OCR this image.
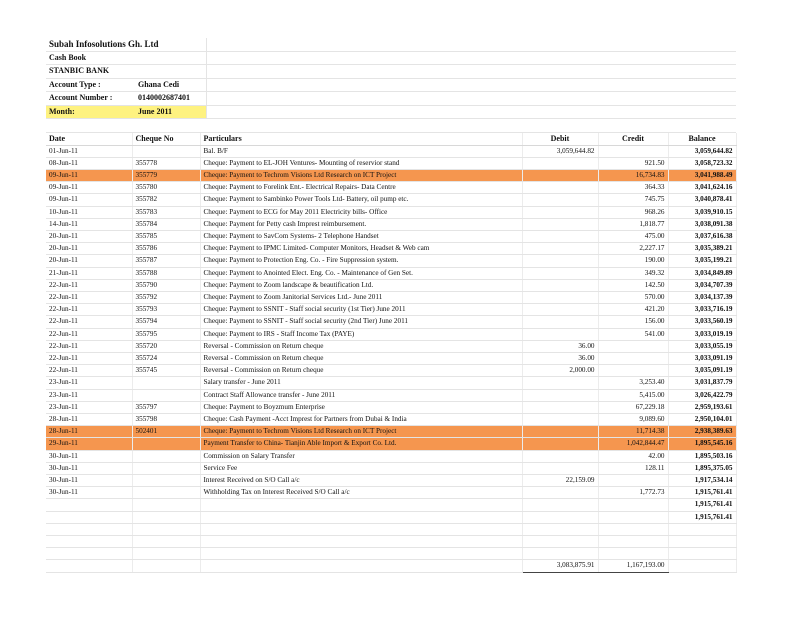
Subah Infosolutions Gh. Ltd
Cash Book
STANBIC BANK
Account Type :	Ghana Cedi
Account Number :	0140002687401
Month:	June 2011
Date	Cheque No	Particulars	Debit	Credit	Balance
01-Jun-11		Bal. B/F	3,059,644.82		3,059,644.82
08-Jun-11	355778	Cheque: Payment to EL-JOH Ventures- Mounting of reservior stand		921.50	3,058,723.32
09-Jun-11	355779	Cheque: Payment to Techrom Visions Ltd Research on ICT Project		16,734.83	3,041,988.49
09-Jun-11	355780	Cheque: Payment to Forelink Ent.- Electrical Repairs- Data Centre		364.33	3,041,624.16
09-Jun-11	355782	Cheque: Payment to Sambinko Power Tools Ltd- Battery, oil pump etc.		745.75	3,040,878.41
10-Jun-11	355783	Cheque: Payment to ECG for May 2011 Electricity bills- Office		968.26	3,039,910.15
14-Jun-11	355784	Cheque: Payment for Petty cash Imprest reimbursement.		1,818.77	3,038,091.38
20-Jun-11	355785	Cheque: Payment to SavCom Systems- 2 Telephone Handset		475.00	3,037,616.38
20-Jun-11	355786	Cheque: Payment to IPMC Limited- Computer Monitors, Headset & Web cam		2,227.17	3,035,389.21
20-Jun-11	355787	Cheque: Payment to Protection Eng. Co. - Fire Suppression system.		190.00	3,035,199.21
21-Jun-11	355788	Cheque: Payment to Anointed Elect. Eng. Co. - Maintenance of Gen Set.		349.32	3,034,849.89
22-Jun-11	355790	Cheque: Payment to Zoom landscape & beautification Ltd.		142.50	3,034,707.39
22-Jun-11	355792	Cheque: Payment to Zoom Janitorial Services Ltd.- June 2011		570.00	3,034,137.39
22-Jun-11	355793	Cheque: Payment to SSNIT - Staff social security (1st Tier) June 2011		421.20	3,033,716.19
22-Jun-11	355794	Cheque: Payment to SSNIT - Staff social security (2nd Tier) June 2011		156.00	3,033,560.19
22-Jun-11	355795	Cheque: Payment to IRS - Staff Income Tax (PAYE)		541.00	3,033,019.19
22-Jun-11	355720	Reversal - Commission on Return cheque	36.00		3,033,055.19
22-Jun-11	355724	Reversal - Commission on Return cheque	36.00		3,033,091.19
22-Jun-11	355745	Reversal - Commission on Return cheque	2,000.00		3,035,091.19
23-Jun-11		Salary transfer - June 2011		3,253.40	3,031,837.79
23-Jun-11		Contract Staff Allowance transfer - June 2011		5,415.00	3,026,422.79
23-Jun-11	355797	Cheque: Payment to Boyzmum Enterprise		67,229.18	2,959,193.61
28-Jun-11	355798	Cheque: Cash Payment -Acct Imprest for Partners from Dubai & India		9,089.60	2,950,104.01
28-Jun-11	502401	Cheque: Payment to Techrom Visions Ltd Research on ICT Project		11,714.38	2,938,389.63
29-Jun-11		Payment Transfer to China- Tianjin Able Import & Export Co. Ltd.		1,042,844.47	1,895,545.16
30-Jun-11		Commission on Salary Transfer		42.00	1,895,503.16
30-Jun-11		Service Fee		128.11	1,895,375.05
30-Jun-11		Interest Received on S/O Call a/c	22,159.09		1,917,534.14
30-Jun-11		Withholding Tax on Interest Received S/O Call a/c		1,772.73	1,915,761.41
					1,915,761.41
					1,915,761.41

			3,083,875.91	1,167,193.00	
